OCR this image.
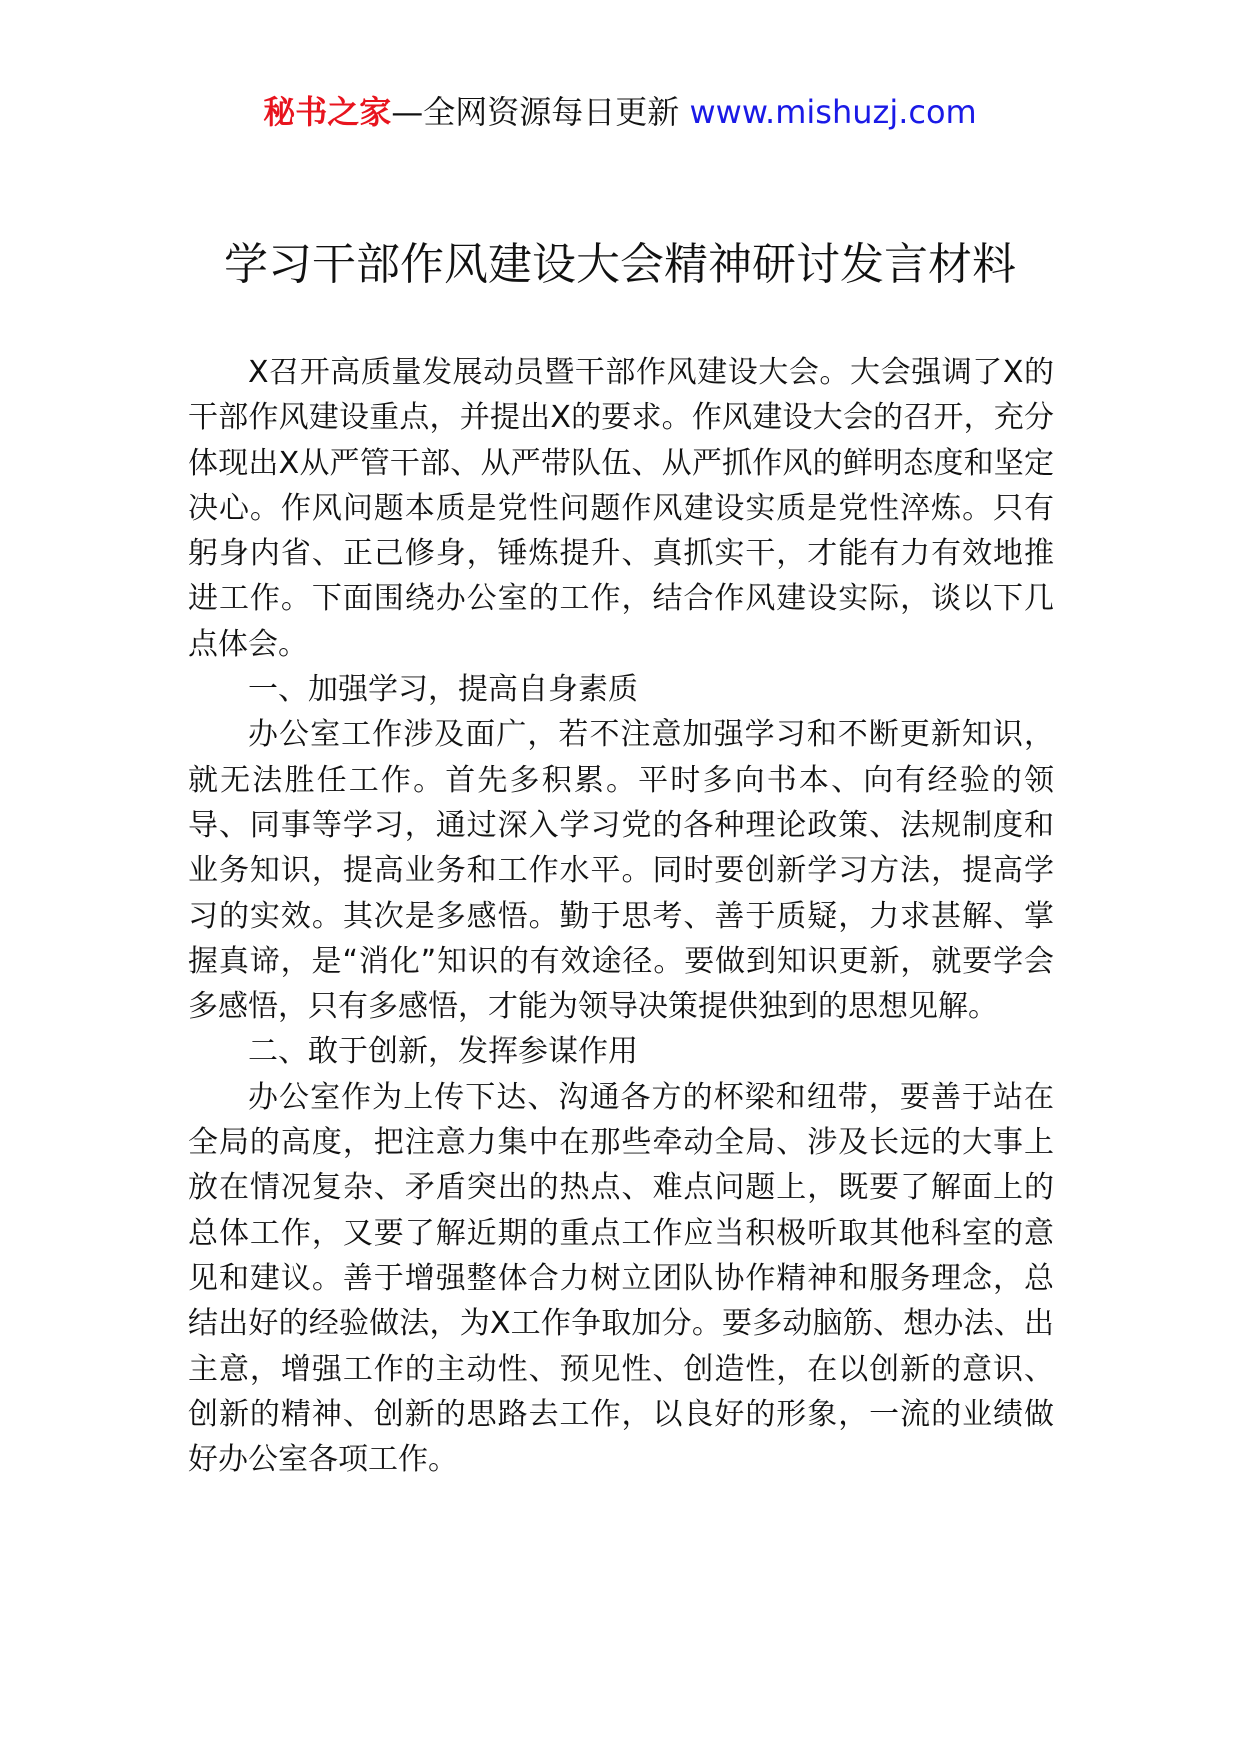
秘书之家—全网资源每日更新 www.mishuzj.com
学习干部作风建设大会精神研讨发言材料

X召开高质量发展动员暨干部作风建设大会。大会强调了X的干部作风建设重点，并提出X的要求。作风建设大会的召开，充分体现出X从严管干部、从严带队伍、从严抓作风的鲜明态度和坚定决心。作风问题本质是党性问题作风建设实质是党性淬炼。只有躬身内省、正己修身，锤炼提升、真抓实干，才能有力有效地推进工作。下面围绕办公室的工作，结合作风建设实际，谈以下几点体会。

一、加强学习，提高自身素质

办公室工作涉及面广，若不注意加强学习和不断更新知识，就无法胜任工作。首先多积累。平时多向书本、向有经验的领导、同事等学习，通过深入学习党的各种理论政策、法规制度和业务知识，提高业务和工作水平。同时要创新学习方法，提高学习的实效。其次是多感悟。勤于思考、善于质疑，力求甚解、掌握真谛，是“消化”知识的有效途径。要做到知识更新，就要学会多感悟，只有多感悟，才能为领导决策提供独到的思想见解。

二、敢于创新，发挥参谋作用

办公室作为上传下达、沟通各方的杯梁和纽带，要善于站在全局的高度，把注意力集中在那些牵动全局、涉及长远的大事上放在情况复杂、矛盾突出的热点、难点问题上，既要了解面上的总体工作，又要了解近期的重点工作应当积极听取其他科室的意见和建议。善于增强整体合力树立团队协作精神和服务理念，总结出好的经验做法，为X工作争取加分。要多动脑筋、想办法、出主意，增强工作的主动性、预见性、创造性，在以创新的意识、创新的精神、创新的思路去工作，以良好的形象，一流的业绩做好办公室各项工作。
